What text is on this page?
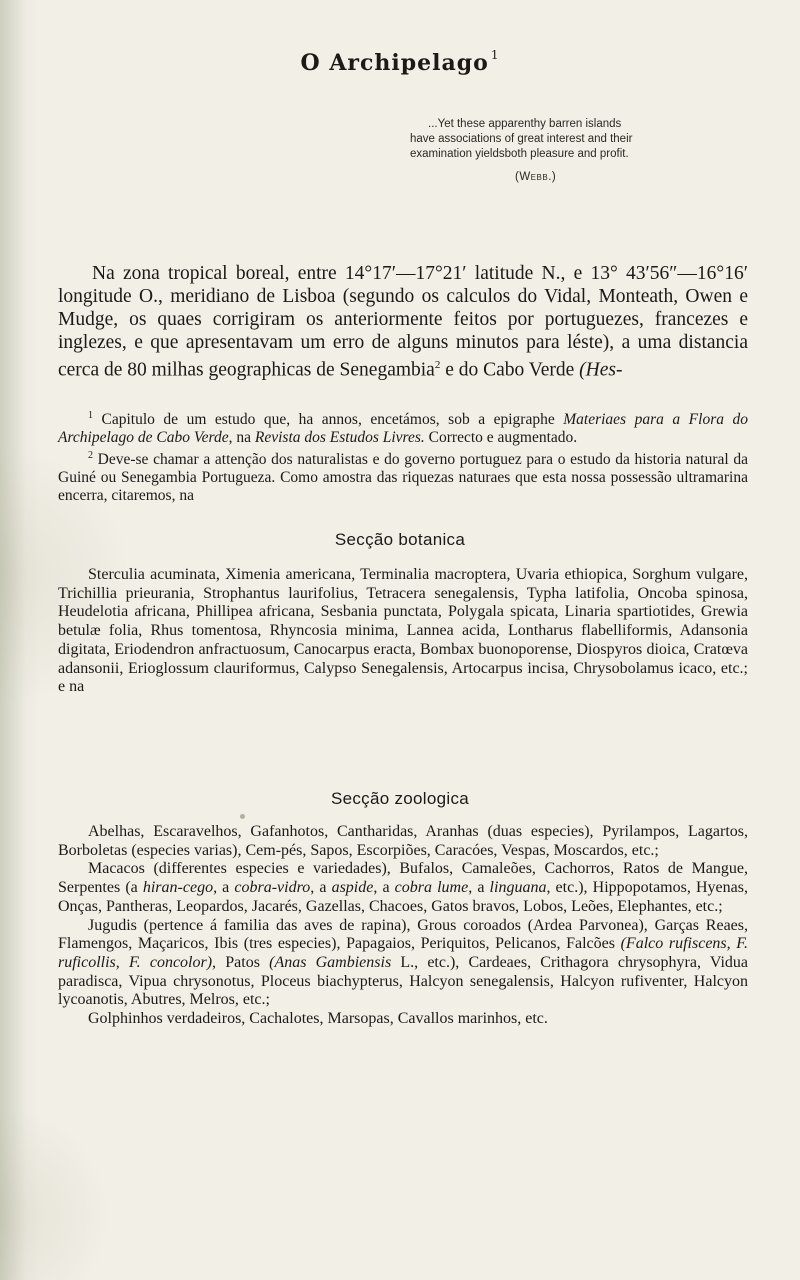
O Archipelago $^1$

...Yet these apparenthy barren islands

have associations of great interest and their

examination yieldsboth pleasure and profit.

(Webb.)

Na zona tropical boreal, entre 14°17′—17°21′ latitude N., e 13° 43′56″—16°16′ longitude O., meridiano de Lisboa (segundo os calculos do Vidal, Monteath, Owen e Mudge, os quaes corrigiram os anteriormente feitos por portuguezes, francezes e inglezes, e que apresentavam um erro de alguns minutos para léste), a uma distancia cerca de 80 milhas geographicas de Senegambia$^2$ e do Cabo Verde (Hes-

$^1$ Capitulo de um estudo que, ha annos, encetámos, sob a epigraphe Materiaes para a Flora do Archipelago de Cabo Verde, na Revista dos Estudos Livres. Correcto e augmentado.

$^2$ Deve-se chamar a attenção dos naturalistas e do governo portuguez para o estudo da historia natural da Guiné ou Senegambia Portugueza. Como amostra das riquezas naturaes que esta nossa possessão ultramarina encerra, citaremos, na

Secção botanica

Sterculia acuminata, Ximenia americana, Terminalia macroptera, Uvaria ethiopica, Sorghum vulgare, Trichillia prieurania, Strophantus laurifolius, Tetracera senegalensis, Typha latifolia, Oncoba spinosa, Heudelotia africana, Phillipea africana, Sesbania punctata, Polygala spicata, Linaria spartiotides, Grewia betulæ folia, Rhus tomentosa, Rhyncosia minima, Lannea acida, Lontharus flabelliformis, Adansonia digitata, Eriodendron anfractuosum, Canocarpus eracta, Bombax buonoporense, Diospyros dioica, Cratœva adansonii, Erioglossum clauriformus, Calypso Senegalensis, Artocarpus incisa, Chrysobolamus icaco, etc.; e na

Secção zoologica

Abelhas, Escaravelhos, Gafanhotos, Cantharidas, Aranhas (duas especies), Pyrilampos, Lagartos, Borboletas (especies varias), Cem-pés, Sapos, Escorpiões, Caracóes, Vespas, Moscardos, etc.;

Macacos (differentes especies e variedades), Bufalos, Camaleões, Cachorros, Ratos de Mangue, Serpentes (a hiran-cego, a cobra-vidro, a aspide, a cobra lume, a linguana, etc.), Hippopotamos, Hyenas, Onças, Pantheras, Leopardos, Jacarés, Gazellas, Chacoes, Gatos bravos, Lobos, Leões, Elephantes, etc.;

Jugudis (pertence á familia das aves de rapina), Grous coroados (Ardea Parvonea), Garças Reaes, Flamengos, Maçaricos, Ibis (tres especies), Papagaios, Periquitos, Pelicanos, Falcões (Falco rufiscens, F. ruficollis, F. concolor), Patos (Anas Gambiensis L., etc.), Cardeaes, Crithagora chrysophyra, Vidua paradisca, Vipua chrysonotus, Ploceus biachypterus, Halcyon senegalensis, Halcyon rufiventer, Halcyon lycoanotis, Abutres, Melros, etc.;

Golphinhos verdadeiros, Cachalotes, Marsopas, Cavallos marinhos, etc.
